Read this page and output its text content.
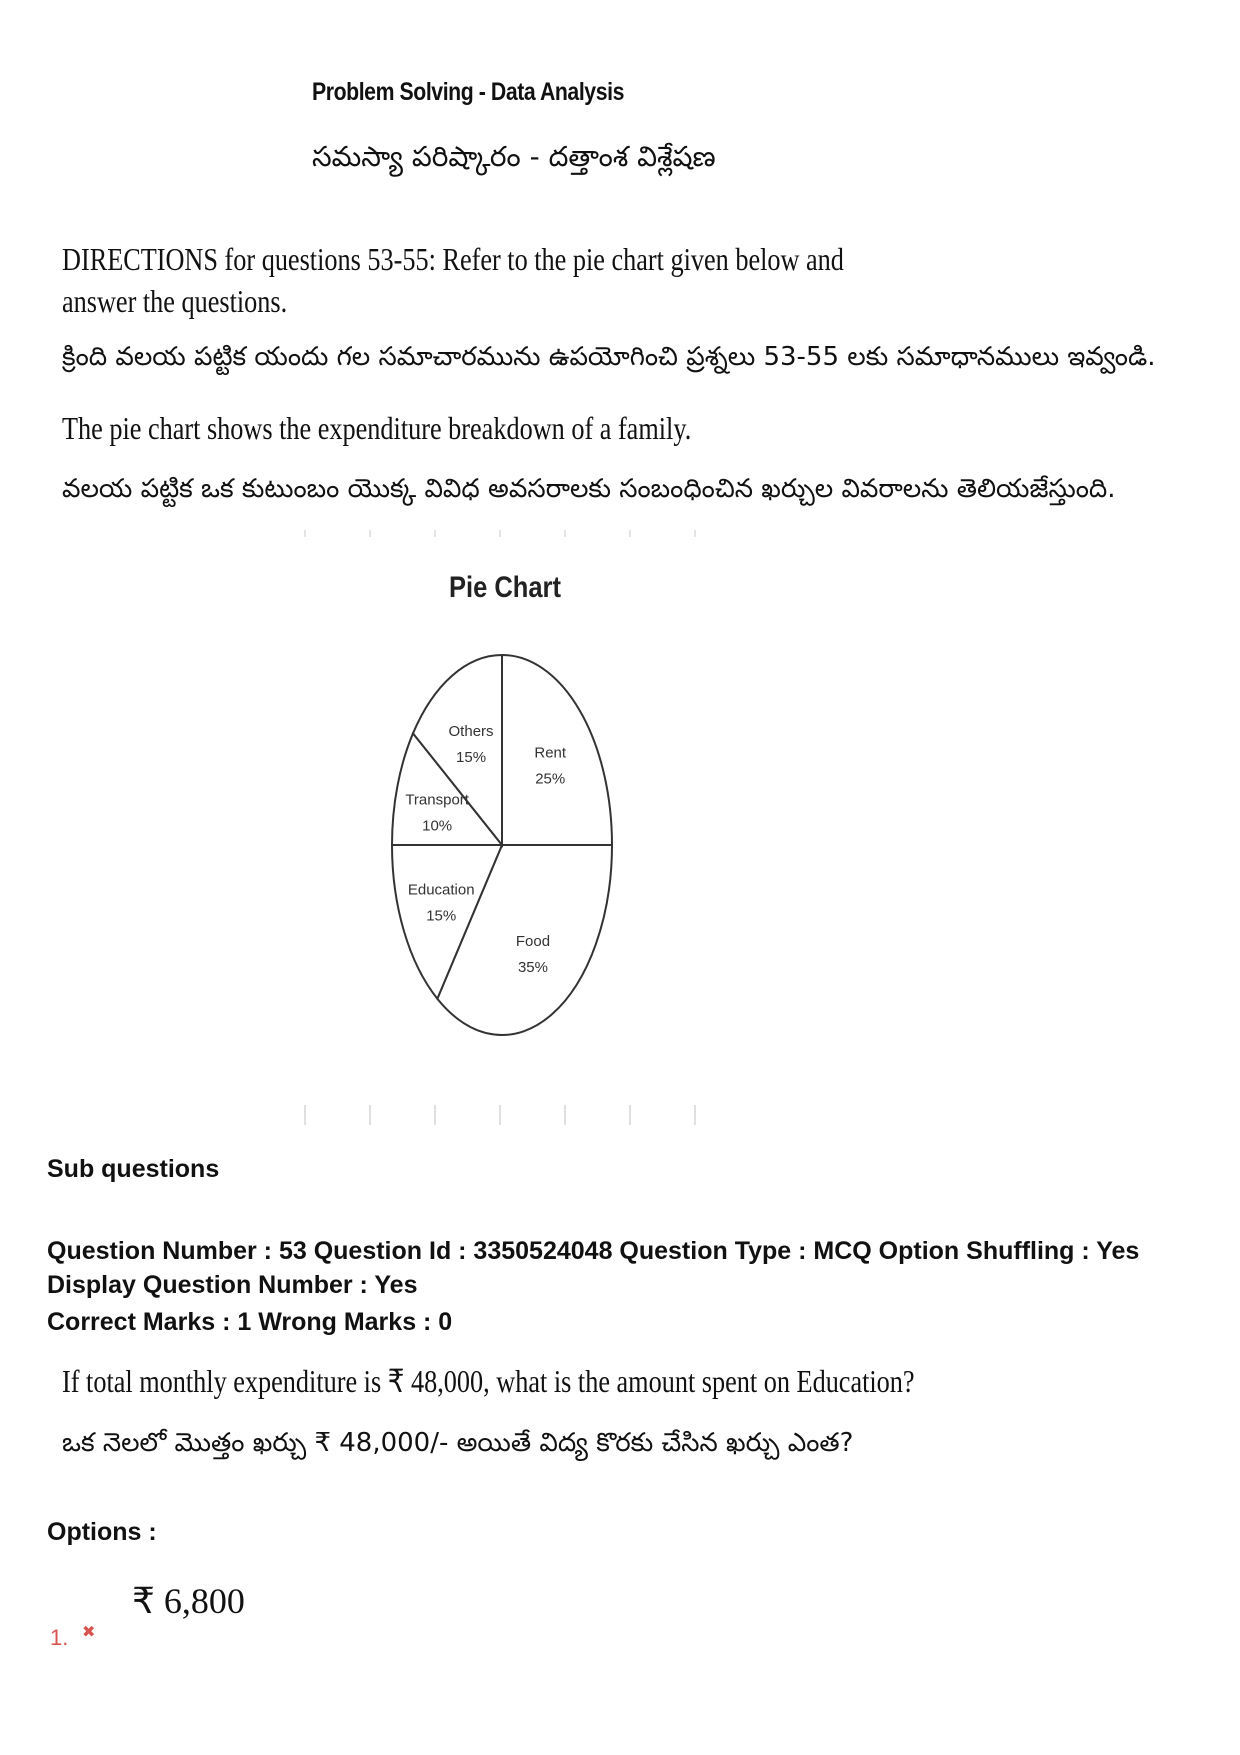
Problem Solving - Data Analysis
సమస్యా పరిష్కారం - దత్తాంశ విశ్లేషణ
DIRECTIONS for questions 53-55: Refer to the pie chart given below and answer the questions.
క్రింది వలయ పట్టిక యందు గల సమాచారమును ఉపయోగించి ప్రశ్నలు 53-55 లకు సమాధానములు ఇవ్వండి.
The pie chart shows the expenditure breakdown of a family.
వలయ పట్టిక ఒక కుటుంబం యొక్క వివిధ అవసరాలకు సంబంధించిన ఖర్చుల వివరాలను తెలియజేస్తుంది.
Pie Chart
Rent
25%
Food
35%
Education
15%
Transport
10%
Others
15%
Sub questions
Question Number : 53 Question Id : 3350524048 Question Type : MCQ Option Shuffling : Yes Display Question Number : Yes
Correct Marks : 1 Wrong Marks : 0
If total monthly expenditure is ₹ 48,000, what is the amount spent on Education?
ఒక నెలలో మొత్తం ఖర్చు ₹ 48,000/- అయితే విద్య కొరకు చేసిన ఖర్చు ఎంత?
Options :
₹ 6,800
1. ✖
